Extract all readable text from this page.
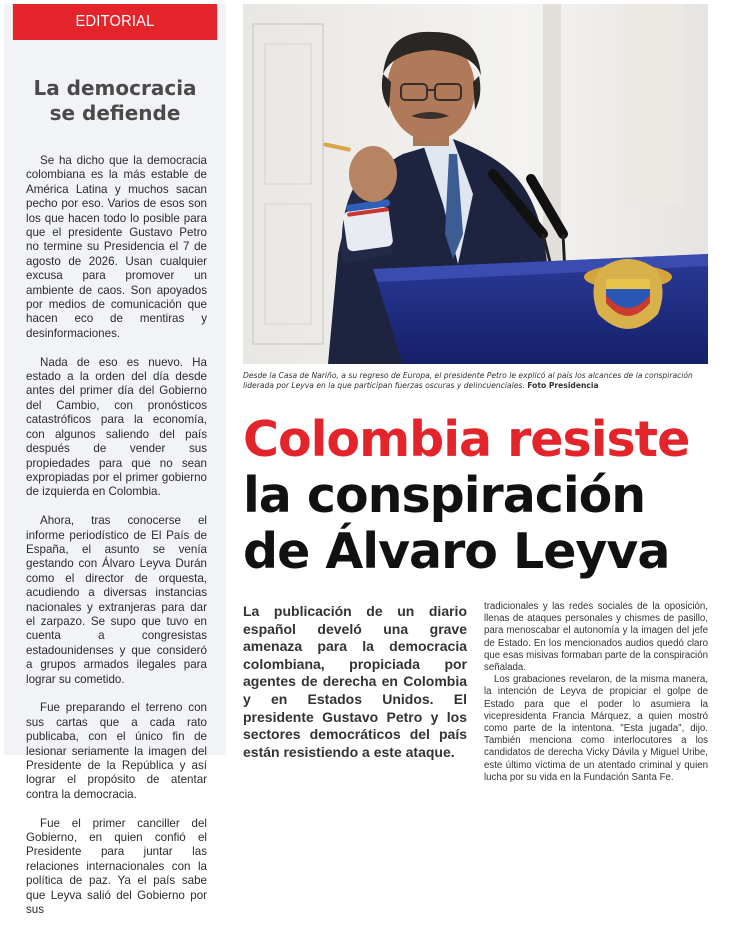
EDITORIAL
La democracia
se defiende

Se ha dicho que la democracia colombiana es la más estable de América Latina y muchos sacan pecho por eso. Varios de esos son los que hacen todo lo posible para que el presidente Gustavo Petro no termine su Presidencia el 7 de agosto de 2026. Usan cualquier excusa para promover un ambiente de caos. Son apoyados por medios de comunicación que hacen eco de mentiras y desinformaciones.

Nada de eso es nuevo. Ha estado a la orden del día desde antes del primer día del Gobierno del Cambio, con pronósticos catastróficos para la economía, con algunos saliendo del país después de vender sus propiedades para que no sean expropiadas por el primer gobierno de izquierda en Colombia.

Ahora, tras conocerse el informe periodístico de El País de España, el asunto se venía gestando con Álvaro Leyva Durán como el director de orquesta, acudiendo a diversas instancias nacionales y extranjeras para dar el zarpazo. Se supo que tuvo en cuenta a congresistas estadounidenses y que consideró a grupos armados ilegales para lograr su cometido.

Fue preparando el terreno con sus cartas que a cada rato publicaba, con el único fin de lesionar seriamente la imagen del Presidente de la República y así lograr el propósito de atentar contra la democracia.

Fue el primer canciller del Gobierno, en quien confió el Presidente para juntar las relaciones internacionales con la política de paz. Ya el país sabe que Leyva salió del Gobierno por sus

Desde la Casa de Nariño, a su regreso de Europa, el presidente Petro le explicó al país los alcances de la conspiración liderada por Leyva en la que participan fuerzas oscuras y delincuenciales. Foto Presidencia

Colombia resiste
la conspiración
de Álvaro Leyva

La publicación de un diario español develó una grave amenaza para la democracia colombiana, propiciada por agentes de derecha en Colombia y en Estados Unidos. El presidente Gustavo Petro y los sectores democráticos del país están resistiendo a este ataque.

tradicionales y las redes sociales de la oposición, llenas de ataques personales y chismes de pasillo, para menoscabar el autonomía y la imagen del jefe de Estado. En los mencionados audios quedó claro que esas misivas formaban parte de la conspiración señalada.

Los grabaciones revelaron, de la misma manera, la intención de Leyva de propiciar el golpe de Estado para que el poder lo asumiera la vicepresidenta Francia Márquez, a quien mostró como parte de la intentona. "Esta jugada", dijo. También menciona como interlocutores a los candidatos de derecha Vicky Dávila y Miguel Uribe, este último víctima de un atentado criminal y quien lucha por su vida en la Fundación Santa Fe.
